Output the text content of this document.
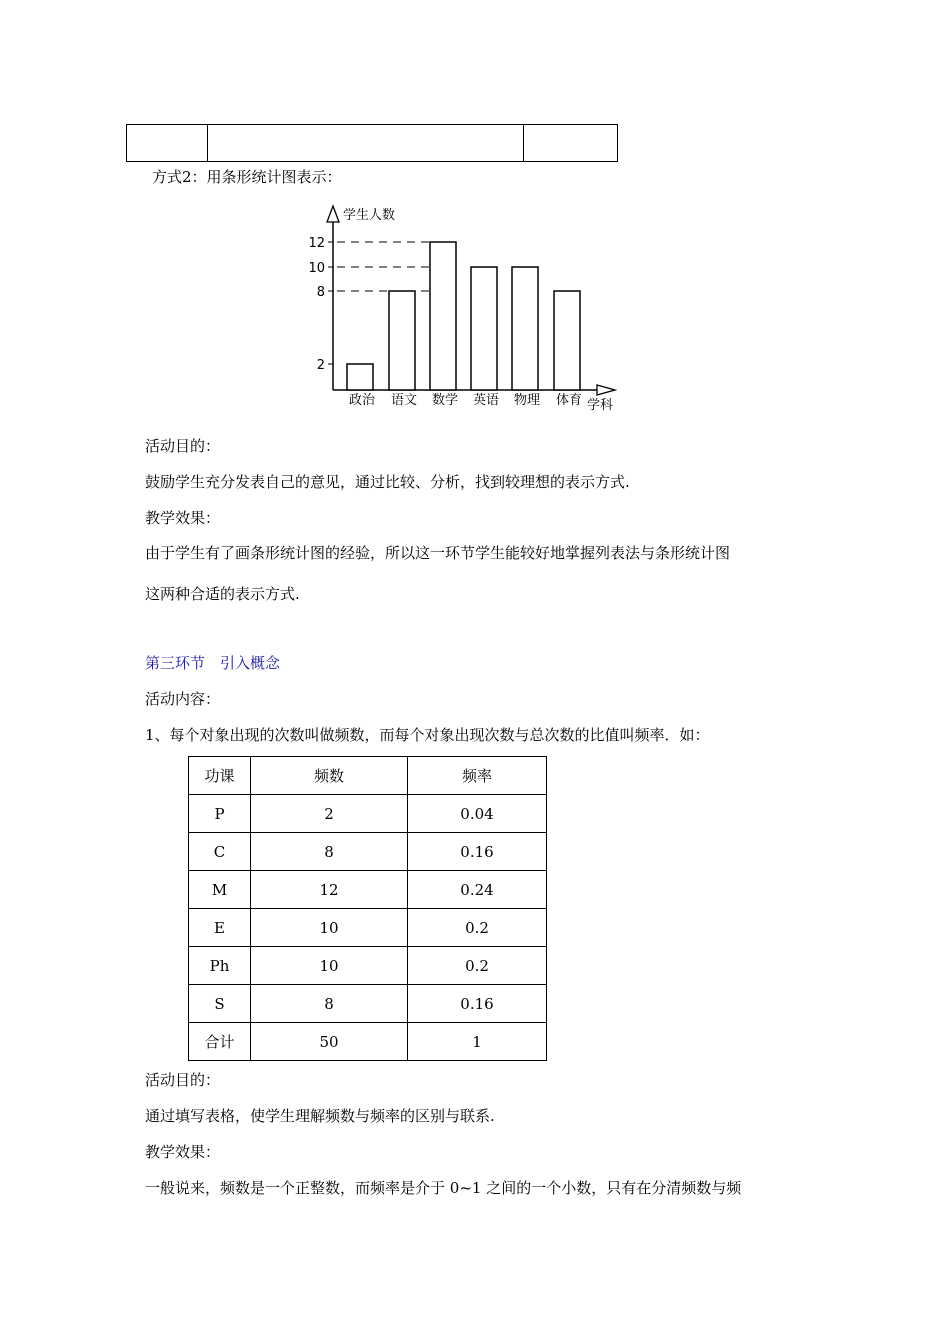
方式2：用条形统计图表示：
学生人数
学科
2
8
10
12
政治 语文 数学 英语 物理 体育
活动目的：
鼓励学生充分发表自己的意见，通过比较、分析，找到较理想的表示方式.
教学效果：
由于学生有了画条形统计图的经验，所以这一环节学生能较好地掌握列表法与条形统计图
这两种合适的表示方式.
第三环节　引入概念
活动内容：
1、每个对象出现的次数叫做频数，而每个对象出现次数与总次数的比值叫频率．如：
功课	频数	频率
P	2	0.04
C	8	0.16
M	12	0.24
E	10	0.2
Ph	10	0.2
S	8	0.16
合计	50	1
活动目的：
通过填写表格，使学生理解频数与频率的区别与联系.
教学效果：
一般说来，频数是一个正整数，而频率是介于 0~1 之间的一个小数，只有在分清频数与频
